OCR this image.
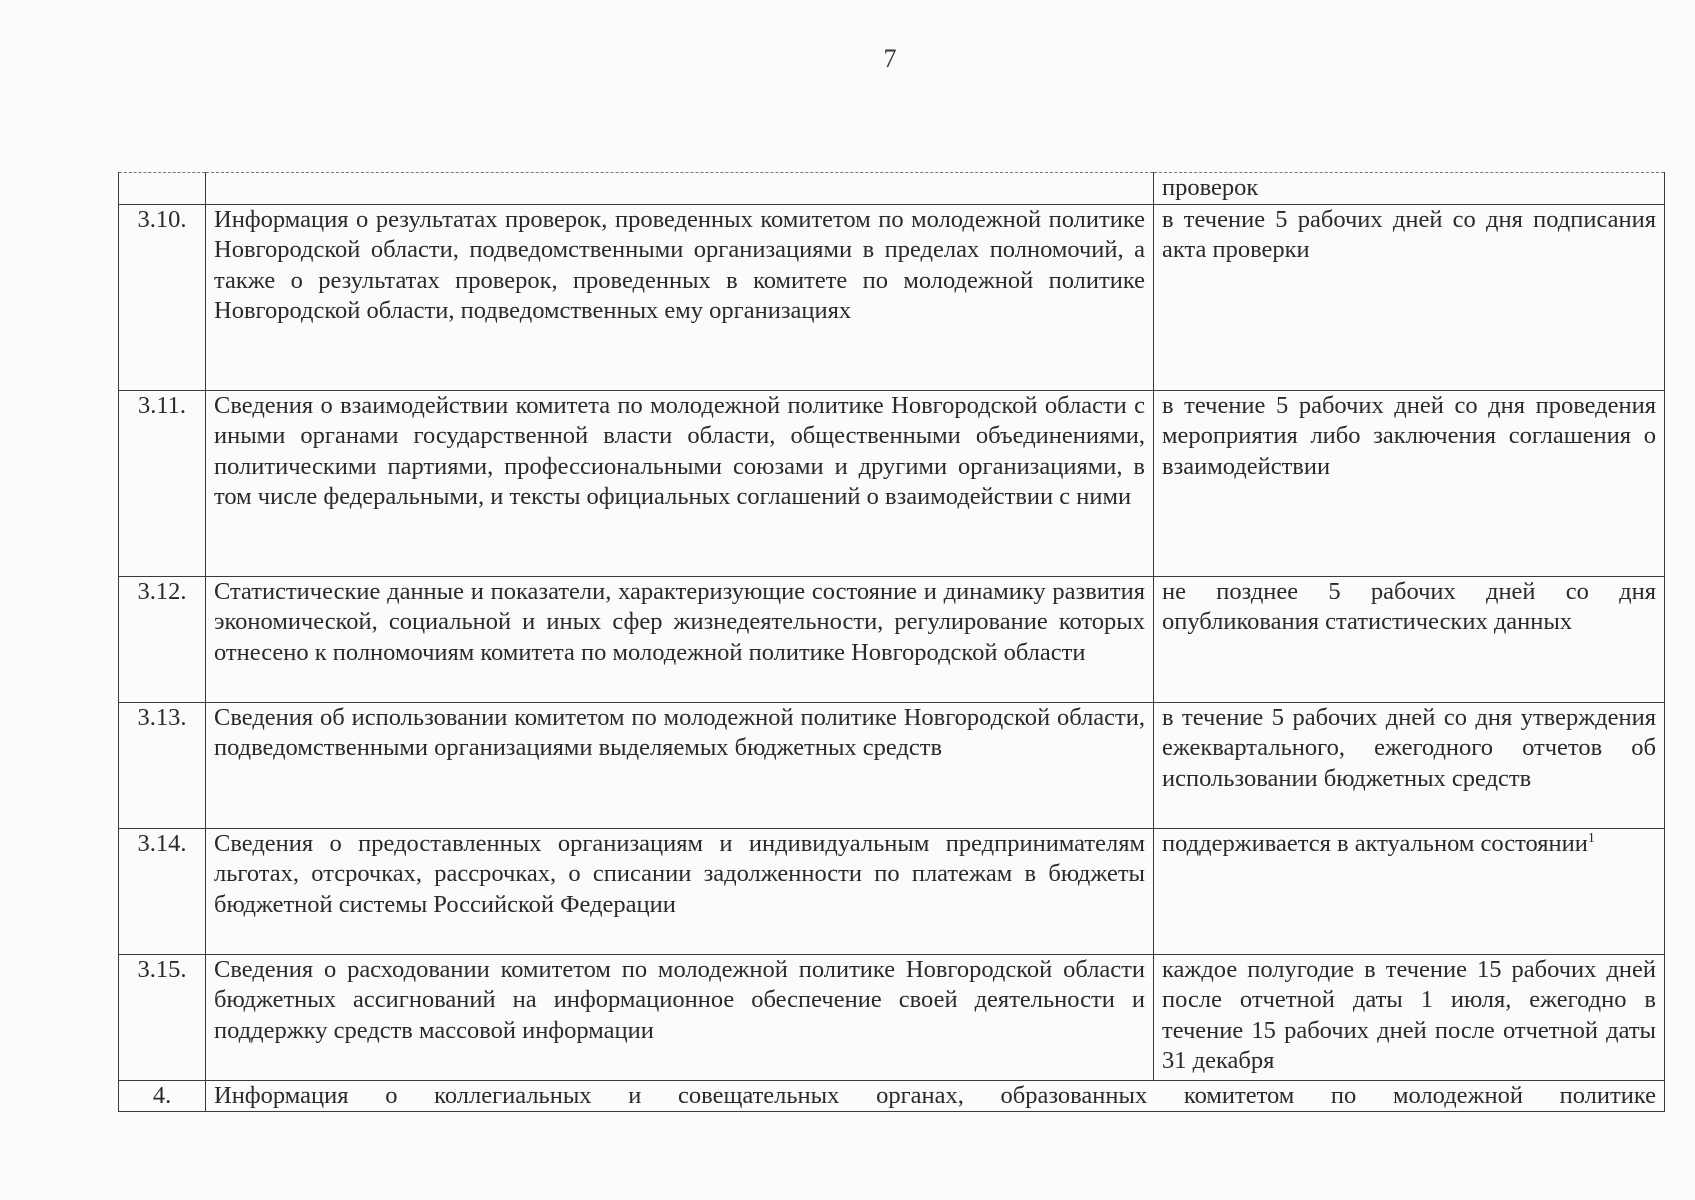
7
		проверок
3.10.	Информация о результатах проверок, проведенных комитетом по молодежной политике Новгородской области, подведомственными организациями в пределах полномочий, а также о результатах проверок, проведенных в комитете по молодежной политике Новгородской области, подведомственных ему организациях	в течение 5 рабочих дней со дня подписания акта проверки
3.11.	Сведения о взаимодействии комитета по молодежной политике Новгородской области с иными органами государственной власти области, общественными объединениями, политическими партиями, профессиональными союзами и другими организациями, в том числе федеральными, и тексты официальных соглашений о взаимодействии с ними	в течение 5 рабочих дней со дня проведения мероприятия либо заключения соглашения о взаимодействии
3.12.	Статистические данные и показатели, характеризующие состояние и динамику развития экономической, социальной и иных сфер жизнедеятельности, регулирование которых отнесено к полномочиям комитета по молодежной политике Новгородской области	не позднее 5 рабочих дней со дня опубликования статистических данных
3.13.	Сведения об использовании комитетом по молодежной политике Новгородской области, подведомственными организациями выделяемых бюджетных средств	в течение 5 рабочих дней со дня утверждения ежеквартального, ежегодного отчетов об использовании бюджетных средств
3.14.	Сведения о предоставленных организациям и индивидуальным предпринимателям льготах, отсрочках, рассрочках, о списании задолженности по платежам в бюджеты бюджетной системы Российской Федерации	поддерживается в актуальном состоянии$^1$
3.15.	Сведения о расходовании комитетом по молодежной политике Новгородской области бюджетных ассигнований на информационное обеспечение своей деятельности и поддержку средств массовой информации	каждое полугодие в течение 15 рабочих дней после отчетной даты 1 июля, ежегодно в течение 15 рабочих дней после отчетной даты 31 декабря
4.	Информация о коллегиальных и совещательных органах, образованных комитетом по молодежной политике	
